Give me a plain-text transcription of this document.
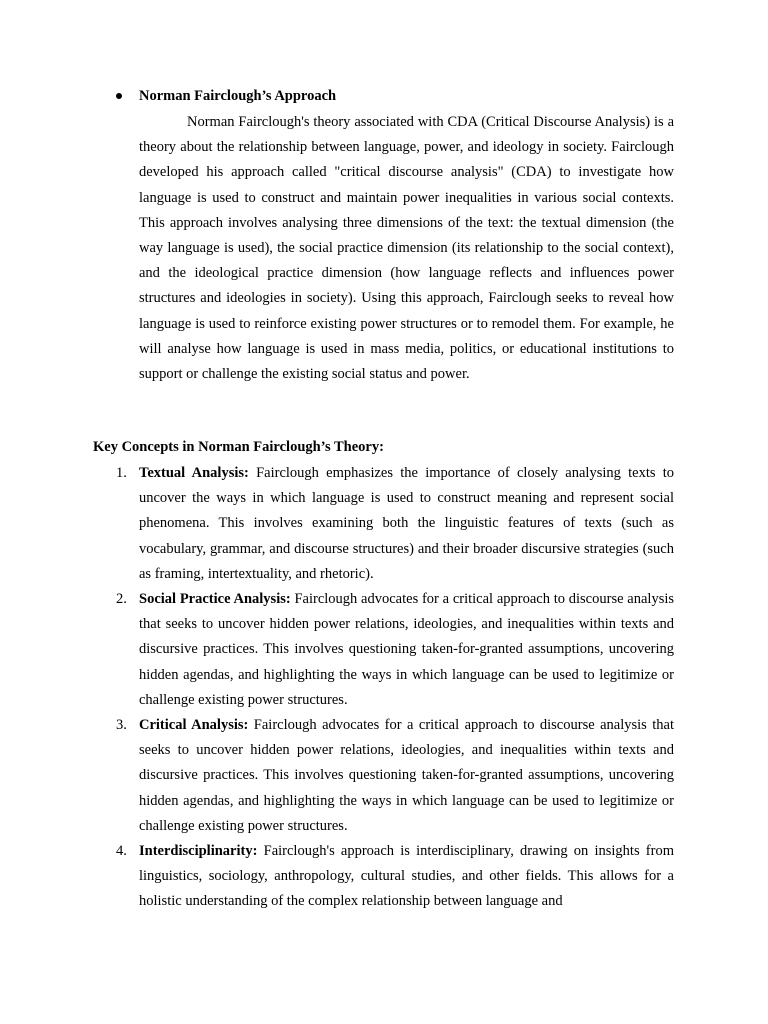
Norman Fairclough’s Approach

Norman Fairclough's theory associated with CDA (Critical Discourse Analysis) is a theory about the relationship between language, power, and ideology in society. Fairclough developed his approach called "critical discourse analysis" (CDA) to investigate how language is used to construct and maintain power inequalities in various social contexts. This approach involves analysing three dimensions of the text: the textual dimension (the way language is used), the social practice dimension (its relationship to the social context), and the ideological practice dimension (how language reflects and influences power structures and ideologies in society). Using this approach, Fairclough seeks to reveal how language is used to reinforce existing power structures or to remodel them. For example, he will analyse how language is used in mass media, politics, or educational institutions to support or challenge the existing social status and power.

Key Concepts in Norman Fairclough’s Theory:
1. Textual Analysis: Fairclough emphasizes the importance of closely analysing texts to uncover the ways in which language is used to construct meaning and represent social phenomena. This involves examining both the linguistic features of texts (such as vocabulary, grammar, and discourse structures) and their broader discursive strategies (such as framing, intertextuality, and rhetoric).
2. Social Practice Analysis: Fairclough advocates for a critical approach to discourse analysis that seeks to uncover hidden power relations, ideologies, and inequalities within texts and discursive practices. This involves questioning taken-for-granted assumptions, uncovering hidden agendas, and highlighting the ways in which language can be used to legitimize or challenge existing power structures.
3. Critical Analysis: Fairclough advocates for a critical approach to discourse analysis that seeks to uncover hidden power relations, ideologies, and inequalities within texts and discursive practices. This involves questioning taken-for-granted assumptions, uncovering hidden agendas, and highlighting the ways in which language can be used to legitimize or challenge existing power structures.
4. Interdisciplinarity: Fairclough's approach is interdisciplinary, drawing on insights from linguistics, sociology, anthropology, cultural studies, and other fields. This allows for a holistic understanding of the complex relationship between language and
